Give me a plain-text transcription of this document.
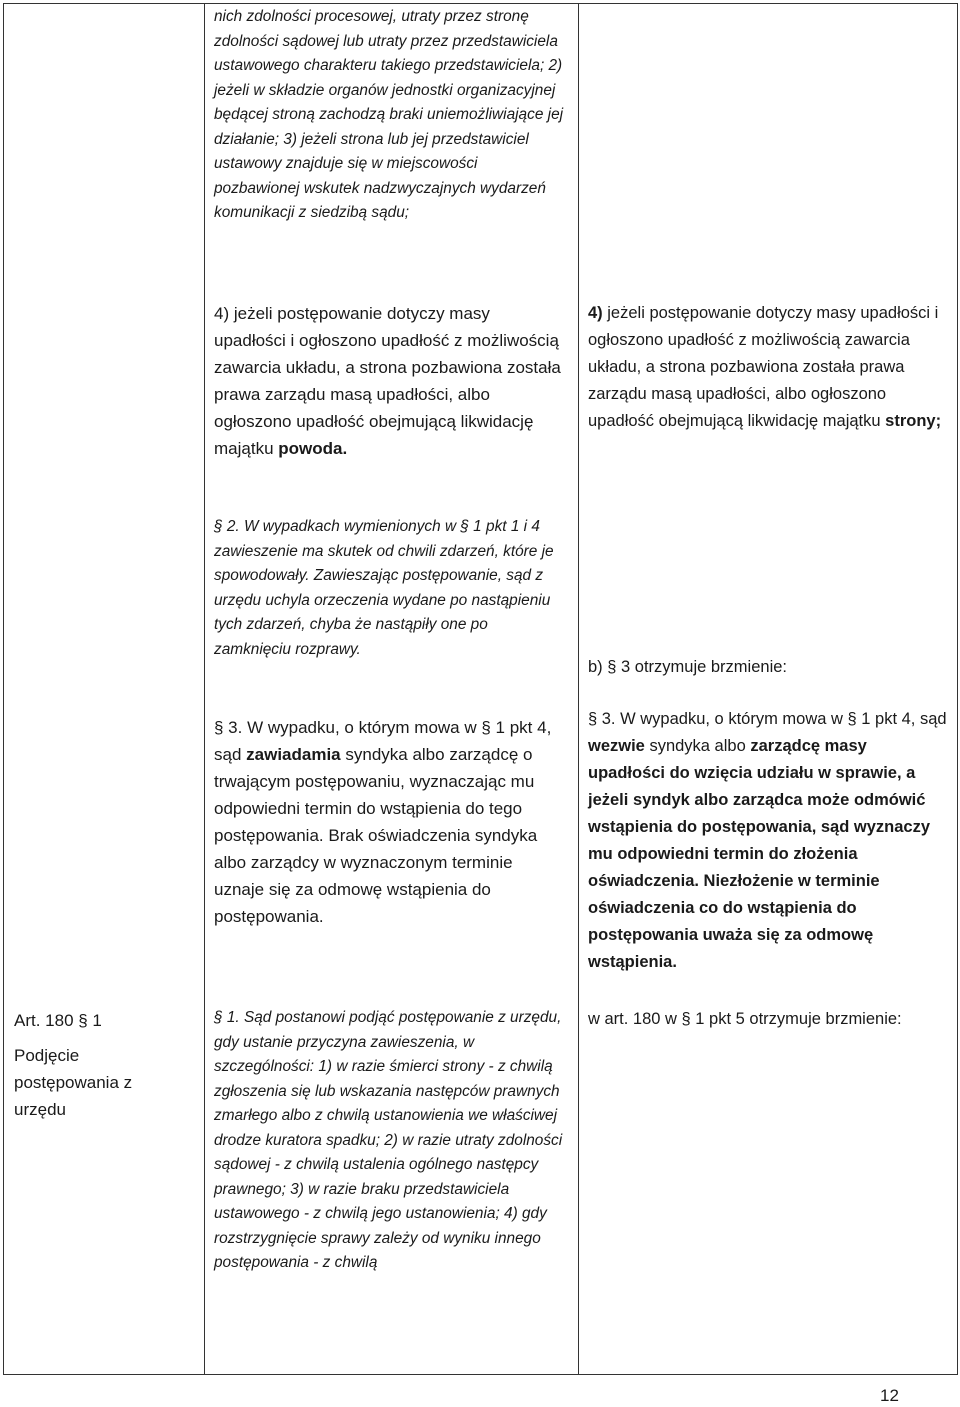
Art. 180 § 1

Podjęcie

postępowania z

urzędu

nich zdolności procesowej, utraty przez stronę zdolności sądowej lub utraty przez przedstawiciela ustawowego charakteru takiego przedstawiciela; 2) jeżeli w składzie organów jednostki organizacyjnej będącej stroną zachodzą braki uniemożliwiające jej działanie; 3) jeżeli strona lub jej przedstawiciel ustawowy znajduje się w miejscowości pozbawionej wskutek nadzwyczajnych wydarzeń komunikacji z siedzibą sądu;

4) jeżeli postępowanie dotyczy masy upadłości i ogłoszono upadłość z możliwością zawarcia układu, a strona pozbawiona została prawa zarządu masą upadłości, albo ogłoszono upadłość obejmującą likwidację majątku powoda.

§ 2. W wypadkach wymienionych w § 1 pkt 1 i 4 zawieszenie ma skutek od chwili zdarzeń, które je spowodowały. Zawieszając postępowanie, sąd z urzędu uchyla orzeczenia wydane po nastąpieniu tych zdarzeń, chyba że nastąpiły one po zamknięciu rozprawy.

§ 3. W wypadku, o którym mowa w § 1 pkt 4, sąd zawiadamia syndyka albo zarządcę o trwającym postępowaniu, wyznaczając mu odpowiedni termin do wstąpienia do tego postępowania. Brak oświadczenia syndyka albo zarządcy w wyznaczonym terminie uznaje się za odmowę wstąpienia do postępowania.

§ 1. Sąd postanowi podjąć postępowanie z urzędu, gdy ustanie przyczyna zawieszenia, w szczególności: 1) w razie śmierci strony - z chwilą zgłoszenia się lub wskazania następców prawnych zmarłego albo z chwilą ustanowienia we właściwej drodze kuratora spadku; 2) w razie utraty zdolności sądowej - z chwilą ustalenia ogólnego następcy prawnego; 3) w razie braku przedstawiciela ustawowego - z chwilą jego ustanowienia; 4) gdy rozstrzygnięcie sprawy zależy od wyniku innego postępowania - z chwilą

4) jeżeli postępowanie dotyczy masy upadłości i ogłoszono upadłość z możliwością zawarcia układu, a strona pozbawiona została prawa zarządu masą upadłości, albo ogłoszono upadłość obejmującą likwidację majątku strony;

b) § 3 otrzymuje brzmienie:

§ 3. W wypadku, o którym mowa w § 1 pkt 4, sąd wezwie syndyka albo zarządcę masy upadłości do wzięcia udziału w sprawie, a jeżeli syndyk albo zarządca może odmówić wstąpienia do postępowania, sąd wyznaczy mu odpowiedni termin do złożenia oświadczenia. Niezłożenie w terminie oświadczenia co do wstąpienia do postępowania uważa się za odmowę wstąpienia.

w art. 180 w § 1 pkt 5 otrzymuje brzmienie:

12
